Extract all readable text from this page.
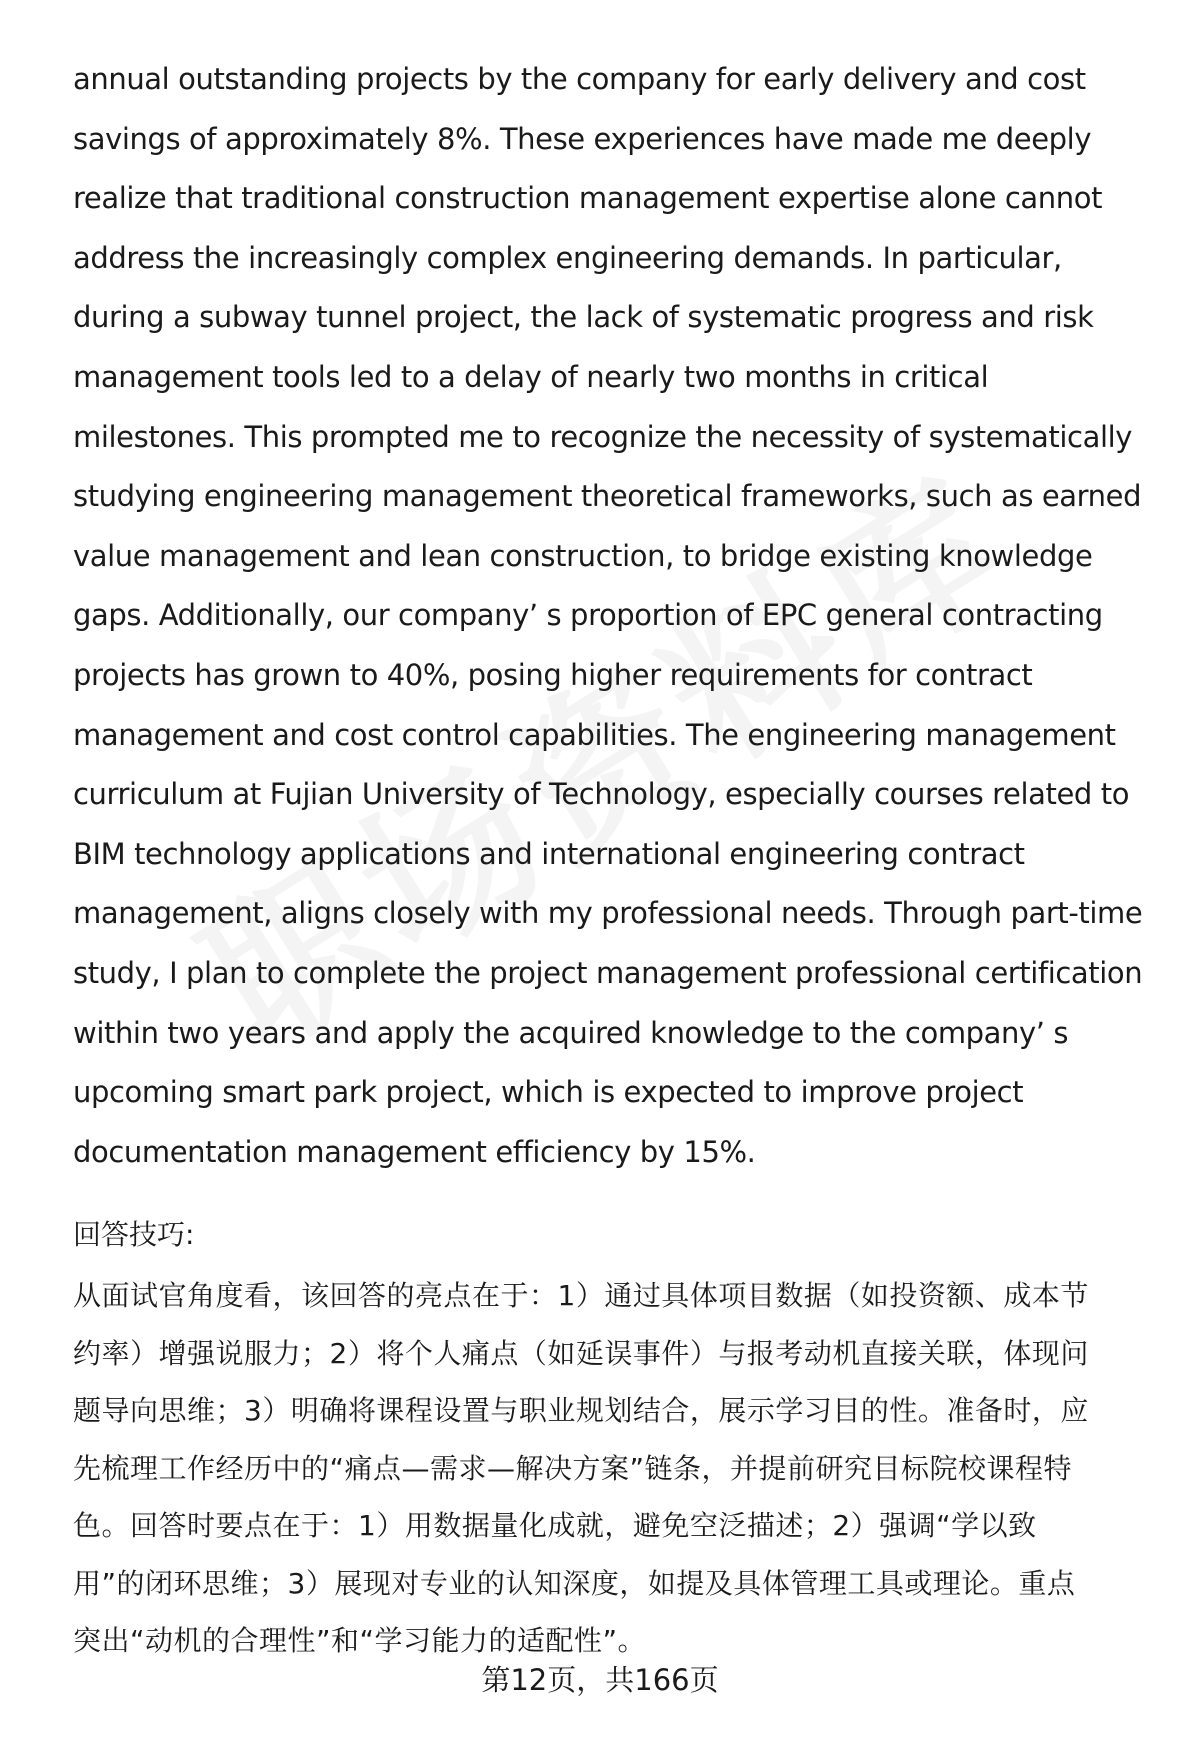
annual outstanding projects by the company for early delivery and cost
savings of approximately 8%. These experiences have made me deeply
realize that traditional construction management expertise alone cannot
address the increasingly complex engineering demands. In particular,
during a subway tunnel project, the lack of systematic progress and risk
management tools led to a delay of nearly two months in critical
milestones. This prompted me to recognize the necessity of systematically
studying engineering management theoretical frameworks, such as earned
value management and lean construction, to bridge existing knowledge
gaps. Additionally, our company’ s proportion of EPC general contracting
projects has grown to 40%, posing higher requirements for contract
management and cost control capabilities. The engineering management
curriculum at Fujian University of Technology, especially courses related to
BIM technology applications and international engineering contract
management, aligns closely with my professional needs. Through part-time
study, I plan to complete the project management professional certification
within two years and apply the acquired knowledge to the company’ s
upcoming smart park project, which is expected to improve project
documentation management efficiency by 15%.

回答技巧:

从面试官角度看，该回答的亮点在于：1）通过具体项目数据（如投资额、成本节
约率）增强说服力；2）将个人痛点（如延误事件）与报考动机直接关联，体现问
题导向思维；3）明确将课程设置与职业规划结合，展示学习目的性。准备时，应
先梳理工作经历中的“痛点—需求—解决方案”链条，并提前研究目标院校课程特
色。回答时要点在于：1）用数据量化成就，避免空泛描述；2）强调“学以致
用”的闭环思维；3）展现对专业的认知深度，如提及具体管理工具或理论。重点
突出“动机的合理性”和“学习能力的适配性”。

第12页，共166页
